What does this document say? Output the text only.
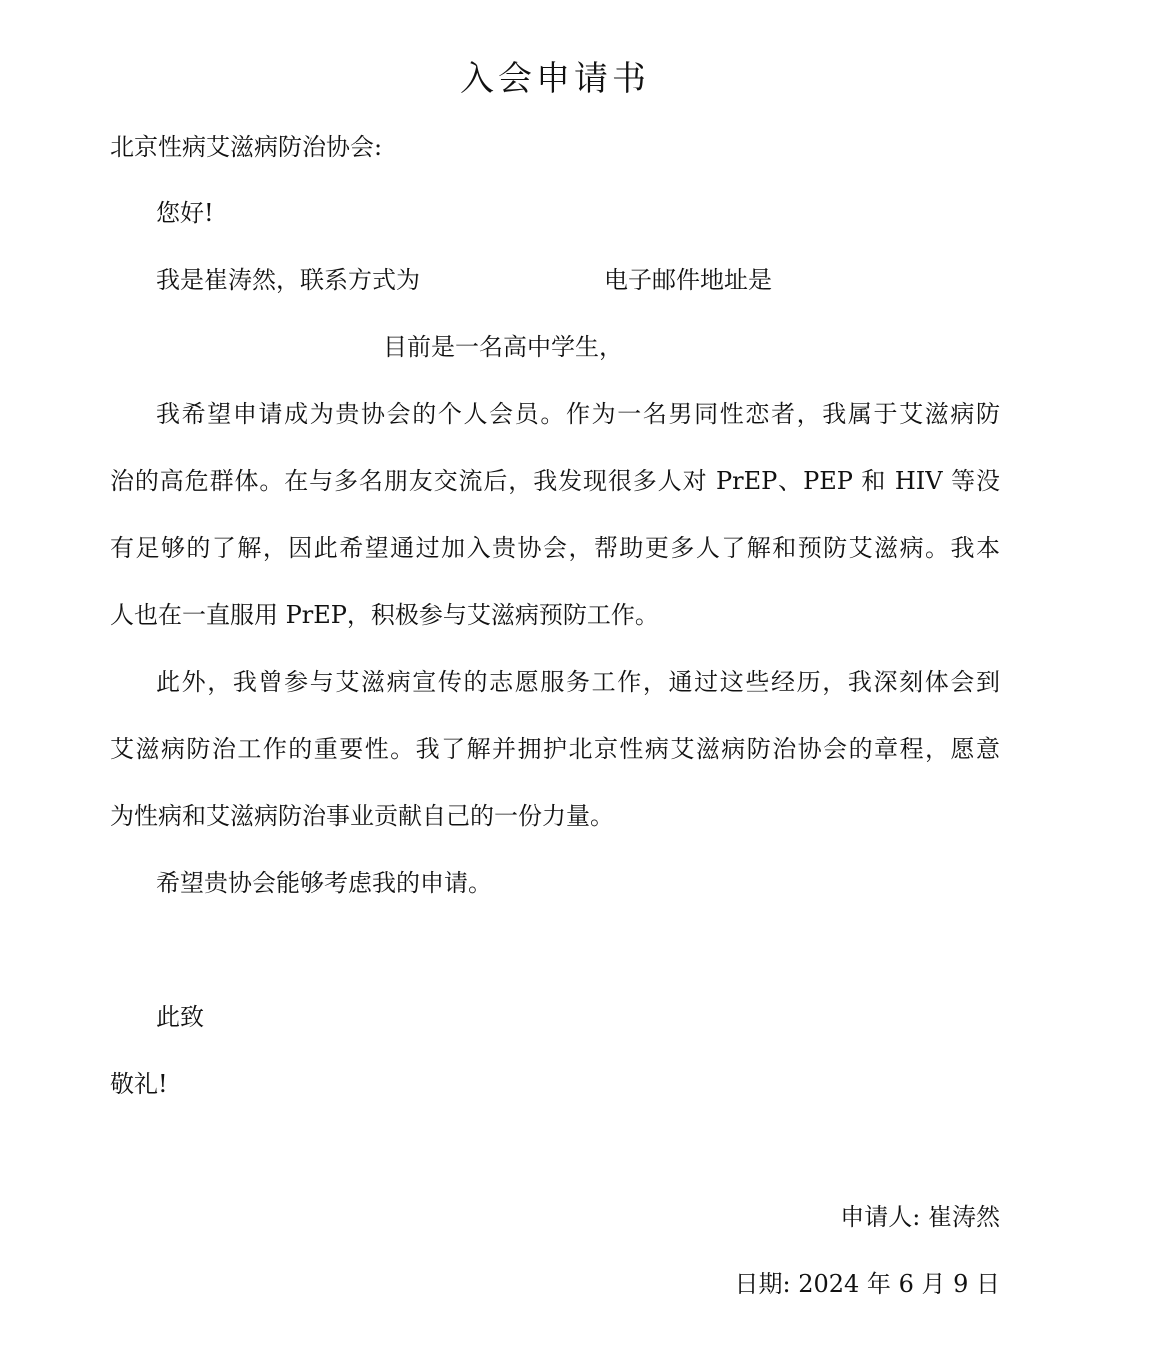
入会申请书
北京性病艾滋病防治协会:
您好!
我是崔涛然，联系方式为	电子邮件地址是
目前是一名高中学生，
我希望申请成为贵协会的个人会员。作为一名男同性恋者，我属于艾滋病防
治的高危群体。在与多名朋友交流后，我发现很多人对 PrEP、PEP 和 HIV 等没
有足够的了解，因此希望通过加入贵协会，帮助更多人了解和预防艾滋病。我本
人也在一直服用 PrEP，积极参与艾滋病预防工作。
此外，我曾参与艾滋病宣传的志愿服务工作，通过这些经历，我深刻体会到
艾滋病防治工作的重要性。我了解并拥护北京性病艾滋病防治协会的章程，愿意
为性病和艾滋病防治事业贡献自己的一份力量。
希望贵协会能够考虑我的申请。
此致
敬礼!
申请人: 崔涛然
日期: 2024 年 6 月 9 日
